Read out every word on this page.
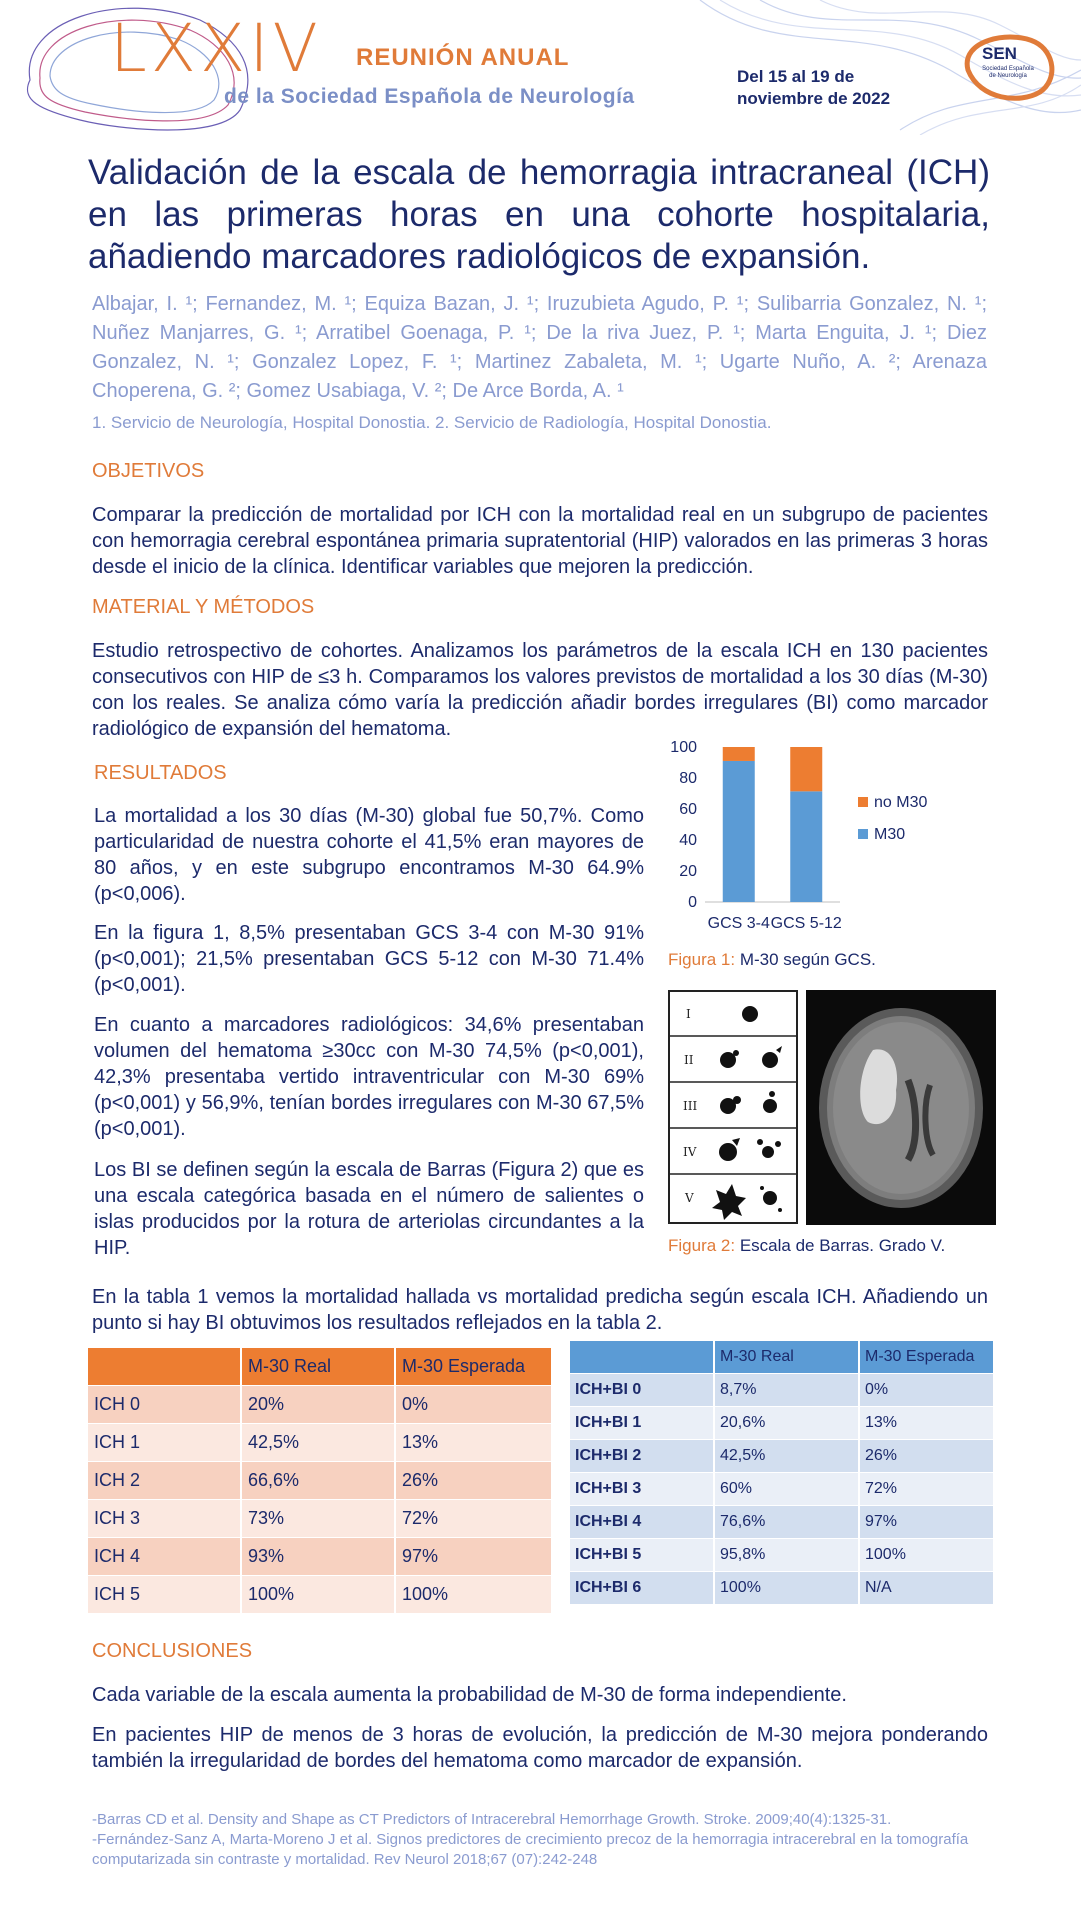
LXXIV REUNIÓN ANUAL
de la Sociedad Española de Neurología
Del 15 al 19 de
noviembre de 2022
SEN
Sociedad Española de Neurología
Validación de la escala de hemorragia intracraneal (ICH) en las primeras horas en una cohorte hospitalaria, añadiendo marcadores radiológicos de expansión.
Albajar, I. ¹; Fernandez, M. ¹; Equiza Bazan, J. ¹; Iruzubieta Agudo, P. ¹; Sulibarria Gonzalez, N. ¹; Nuñez Manjarres, G. ¹; Arratibel Goenaga, P. ¹; De la riva Juez, P. ¹; Marta Enguita, J. ¹; Diez Gonzalez, N. ¹; Gonzalez Lopez, F. ¹; Martinez Zabaleta, M. ¹; Ugarte Nuño, A. ²; Arenaza Choperena, G. ²; Gomez Usabiaga, V. ²; De Arce Borda, A. ¹
1. Servicio de Neurología, Hospital Donostia. 2. Servicio de Radiología, Hospital Donostia.
OBJETIVOS
Comparar la predicción de mortalidad por ICH con la mortalidad real en un subgrupo de pacientes con hemorragia cerebral espontánea primaria supratentorial (HIP) valorados en las primeras 3 horas desde el inicio de la clínica. Identificar variables que mejoren la predicción.
MATERIAL Y MÉTODOS
Estudio retrospectivo de cohortes. Analizamos los parámetros de la escala ICH en 130 pacientes consecutivos con HIP de ≤3 h. Comparamos los valores previstos de mortalidad a los 30 días (M-30) con los reales. Se analiza cómo varía la predicción añadir bordes irregulares (BI) como marcador radiológico de expansión del hematoma.
RESULTADOS
La mortalidad a los 30 días (M-30) global fue 50,7%. Como particularidad de nuestra cohorte el 41,5% eran mayores de 80 años, y en este subgrupo encontramos M-30 64.9% (p<0,006).
En la figura 1, 8,5% presentaban GCS 3-4 con M-30 91% (p<0,001); 21,5% presentaban GCS 5-12 con M-30 71.4% (p<0,001).
En cuanto a marcadores radiológicos: 34,6% presentaban volumen del hematoma ≥30cc con M-30 74,5% (p<0,001), 42,3% presentaba vertido intraventricular con M-30 69% (p<0,001) y 56,9%, tenían bordes irregulares con M-30 67,5% (p<0,001).
Los BI se definen según la escala de Barras (Figura 2) que es una escala categórica basada en el número de salientes o islas producidos por la rotura de arteriolas circundantes a la HIP.
En la tabla 1 vemos la mortalidad hallada vs mortalidad predicha según escala ICH. Añadiendo un punto si hay BI obtuvimos los resultados reflejados en la tabla 2.
0
20
40
60
80
100
GCS 3-4 GCS 5-12
no M30
M30
Figura 1: M-30 según GCS.
I
II
III
IV
V
Figura 2: Escala de Barras. Grado V.
	M-30 Real	M-30 Esperada
ICH 0	20%	0%
ICH 1	42,5%	13%
ICH 2	66,6%	26%
ICH 3	73%	72%
ICH 4	93%	97%
ICH 5	100%	100%
	M-30 Real	M-30 Esperada
ICH+BI 0	8,7%	0%
ICH+BI 1	20,6%	13%
ICH+BI 2	42,5%	26%
ICH+BI 3	60%	72%
ICH+BI 4	76,6%	97%
ICH+BI 5	95,8%	100%
ICH+BI 6	100%	N/A
CONCLUSIONES
Cada variable de la escala aumenta la probabilidad de M-30 de forma independiente.
En pacientes HIP de menos de 3 horas de evolución, la predicción de M-30 mejora ponderando también la irregularidad de bordes del hematoma como marcador de expansión.
-Barras CD et al. Density and Shape as CT Predictors of Intracerebral Hemorrhage Growth. Stroke. 2009;40(4):1325-31.
-Fernández-Sanz A, Marta-Moreno J et al. Signos predictores de crecimiento precoz de la hemorragia intracerebral en la tomografía computarizada sin contraste y mortalidad. Rev Neurol 2018;67 (07):242-248
